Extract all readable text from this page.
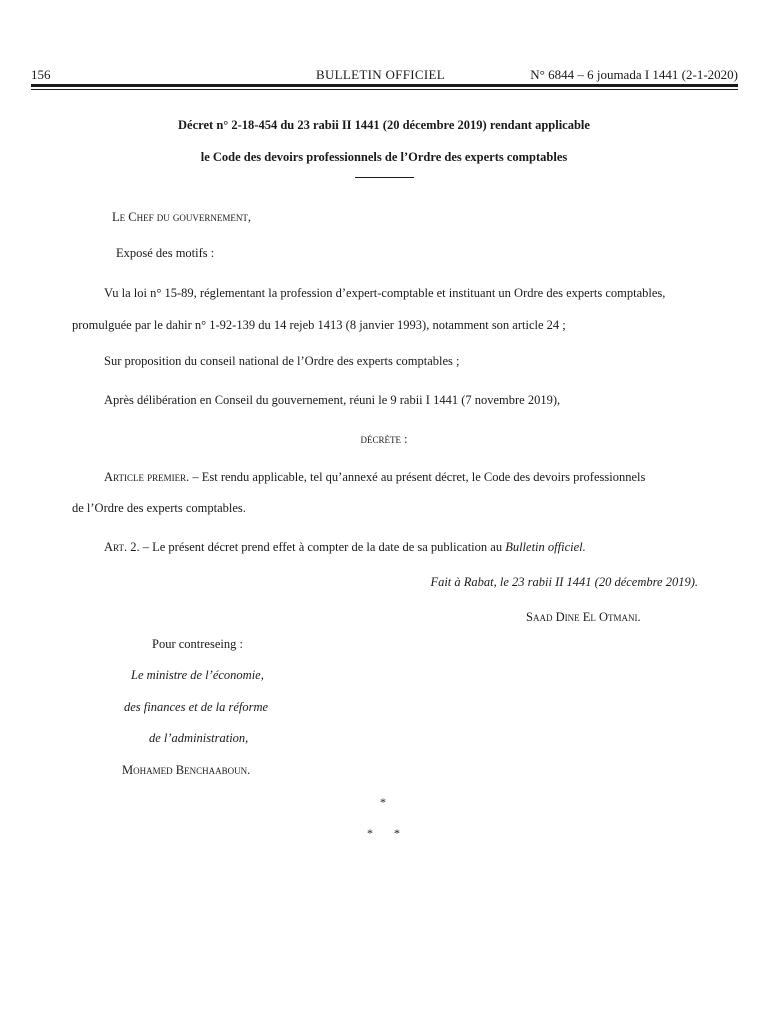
156	BULLETIN OFFICIEL	N° 6844 – 6 joumada I 1441 (2-1-2020)
Décret n° 2-18-454 du 23 rabii II 1441 (20 décembre 2019) rendant applicable
le Code des devoirs professionnels de l’Ordre des experts comptables
Le Chef du gouvernement,
Exposé des motifs :
Vu la loi n° 15-89, réglementant la profession d’expert-comptable et instituant un Ordre des experts comptables,
promulguée par le dahir n° 1-92-139 du 14 rejeb 1413 (8 janvier 1993), notamment son article 24 ;
Sur proposition du conseil national de l’Ordre des experts comptables ;
Après délibération en Conseil du gouvernement, réuni le 9 rabii I 1441 (7 novembre 2019),
décrète :
Article premier. – Est rendu applicable, tel qu’annexé au présent décret, le Code des devoirs professionnels
de l’Ordre des experts comptables.
Art. 2. – Le présent décret prend effet à compter de la date de sa publication au Bulletin officiel.
Fait à Rabat, le 23 rabii II 1441 (20 décembre 2019).
Saad Dine El Otmani.
Pour contreseing :
Le ministre de l’économie,
des finances et de la réforme
de l’administration,
Mohamed Benchaaboun.
*
* *
